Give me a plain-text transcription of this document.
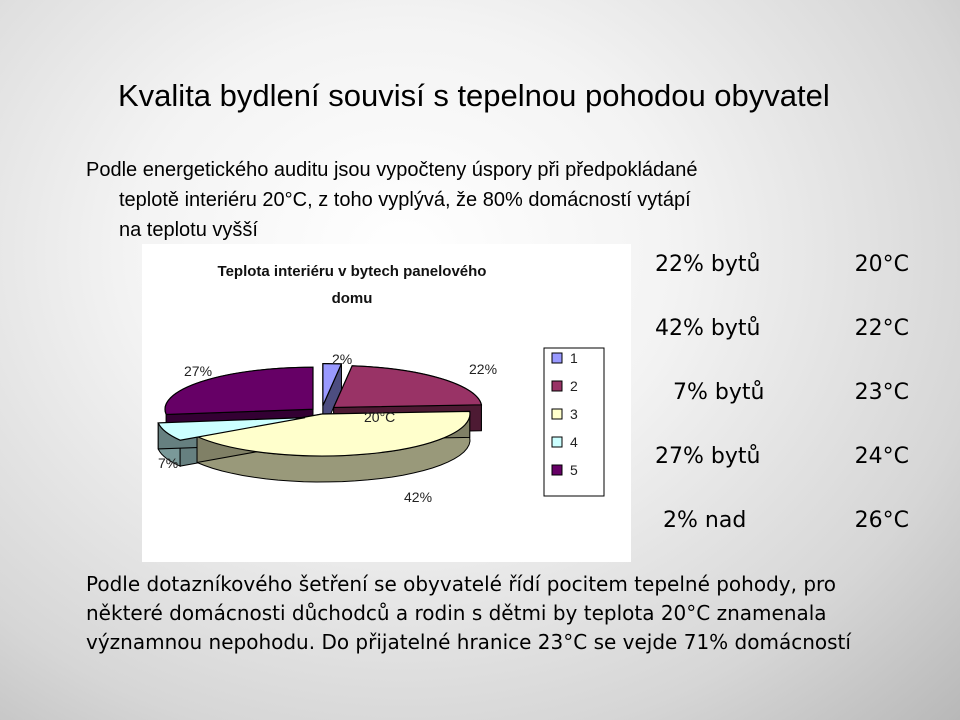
Kvalita bydlení souvisí s tepelnou pohodou obyvatel
Podle energetického auditu jsou vypočteny úspory při předpokládané
teplotě interiéru 20°C, z toho vyplývá, že 80% domácností vytápí
na teplotu vyšší
Teplota interiéru v bytech panelového
domu
2%
22%
42%
7%
27%
20°C
1
2
3
4
5
22% bytů	20°C
42% bytů	22°C
7% bytů	23°C
27% bytů	24°C
2% nad	26°C
Podle dotazníkového šetření se obyvatelé řídí pocitem tepelné pohody, pro
některé domácnosti důchodců a rodin s dětmi by teplota 20°C znamenala
významnou nepohodu. Do přijatelné hranice 23°C se vejde 71% domácností
